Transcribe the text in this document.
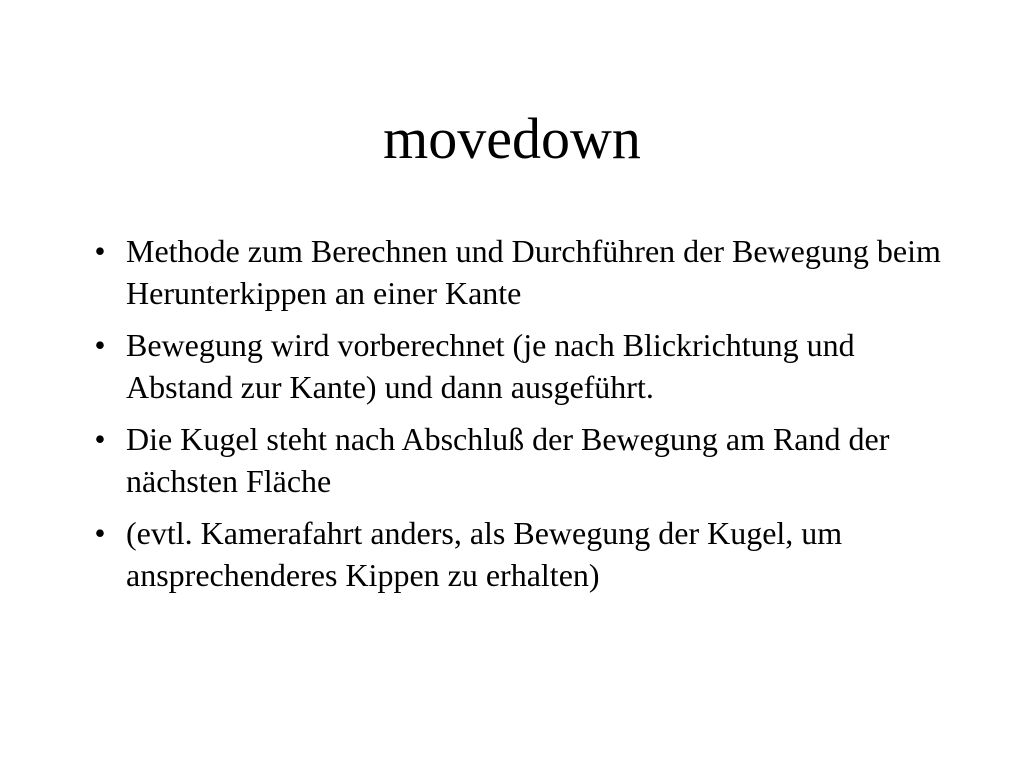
movedown
• Methode zum Berechnen und Durchführen der Bewegung beim Herunterkippen an einer Kante
• Bewegung wird vorberechnet (je nach Blickrichtung und Abstand zur Kante) und dann ausgeführt.
• Die Kugel steht nach Abschluß der Bewegung am Rand der nächsten Fläche
• (evtl. Kamerafahrt anders, als Bewegung der Kugel, um ansprechenderes Kippen zu erhalten)
